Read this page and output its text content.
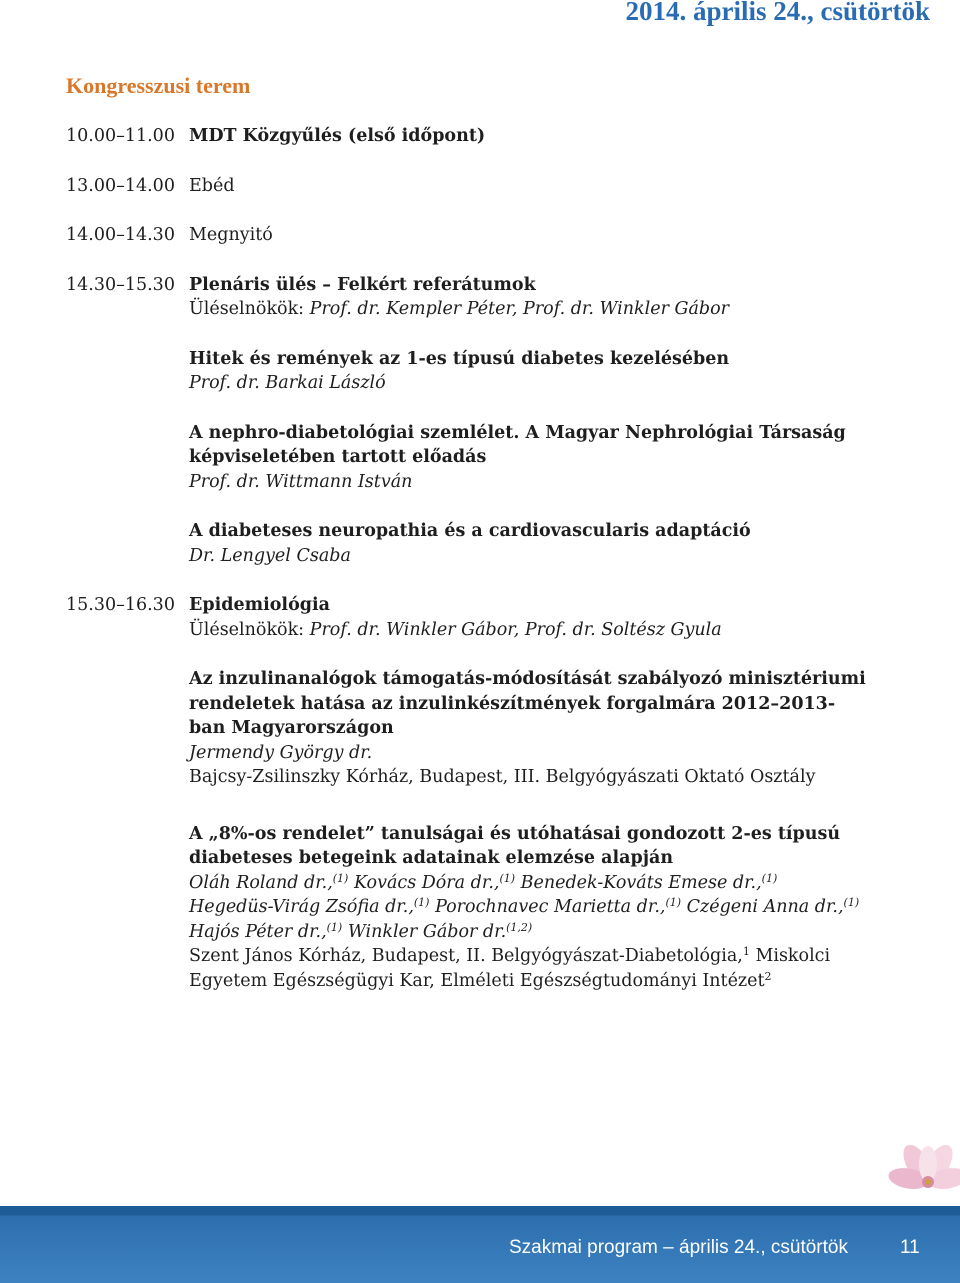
2014. április 24., csütörtök
Kongresszusi terem
10.00–11.00 MDT Közgyűlés (első időpont)
13.00–14.00 Ebéd
14.00–14.30 Megnyitó
14.30–15.30 Plenáris ülés – Felkért referátumok
Üléselnökök: Prof. dr. Kempler Péter, Prof. dr. Winkler Gábor
Hitek és remények az 1-es típusú diabetes kezelésében
Prof. dr. Barkai László
A nephro-diabetológiai szemlélet. A Magyar Nephrológiai Társaság képviseletében tartott előadás
Prof. dr. Wittmann István
A diabeteses neuropathia és a cardiovascularis adaptáció
Dr. Lengyel Csaba
15.30–16.30 Epidemiológia
Üléselnökök: Prof. dr. Winkler Gábor, Prof. dr. Soltész Gyula
Az inzulinanalógok támogatás-módosítását szabályozó minisztériumi rendeletek hatása az inzulinkészítmények forgalmára 2012–2013-ban Magyarországon
Jermendy György dr.
Bajcsy-Zsilinszky Kórház, Budapest, III. Belgyógyászati Oktató Osztály
A „8%-os rendelet” tanulságai és utóhatásai gondozott 2-es típusú diabeteses betegeink adatainak elemzése alapján
Oláh Roland dr.,$^{(1)}$ Kovács Dóra dr.,$^{(1)}$ Benedek-Kováts Emese dr.,$^{(1)}$
Hegedüs-Virág Zsófia dr.,$^{(1)}$ Porochnavec Marietta dr.,$^{(1)}$ Czégeni Anna dr.,$^{(1)}$
Hajós Péter dr.,$^{(1)}$ Winkler Gábor dr.$^{(1,2)}$
Szent János Kórház, Budapest, II. Belgyógyászat-Diabetológia,$^1$ Miskolci Egyetem Egészségügyi Kar, Elméleti Egészségtudományi Intézet$^2$
Szakmai program – április 24., csütörtök	11
